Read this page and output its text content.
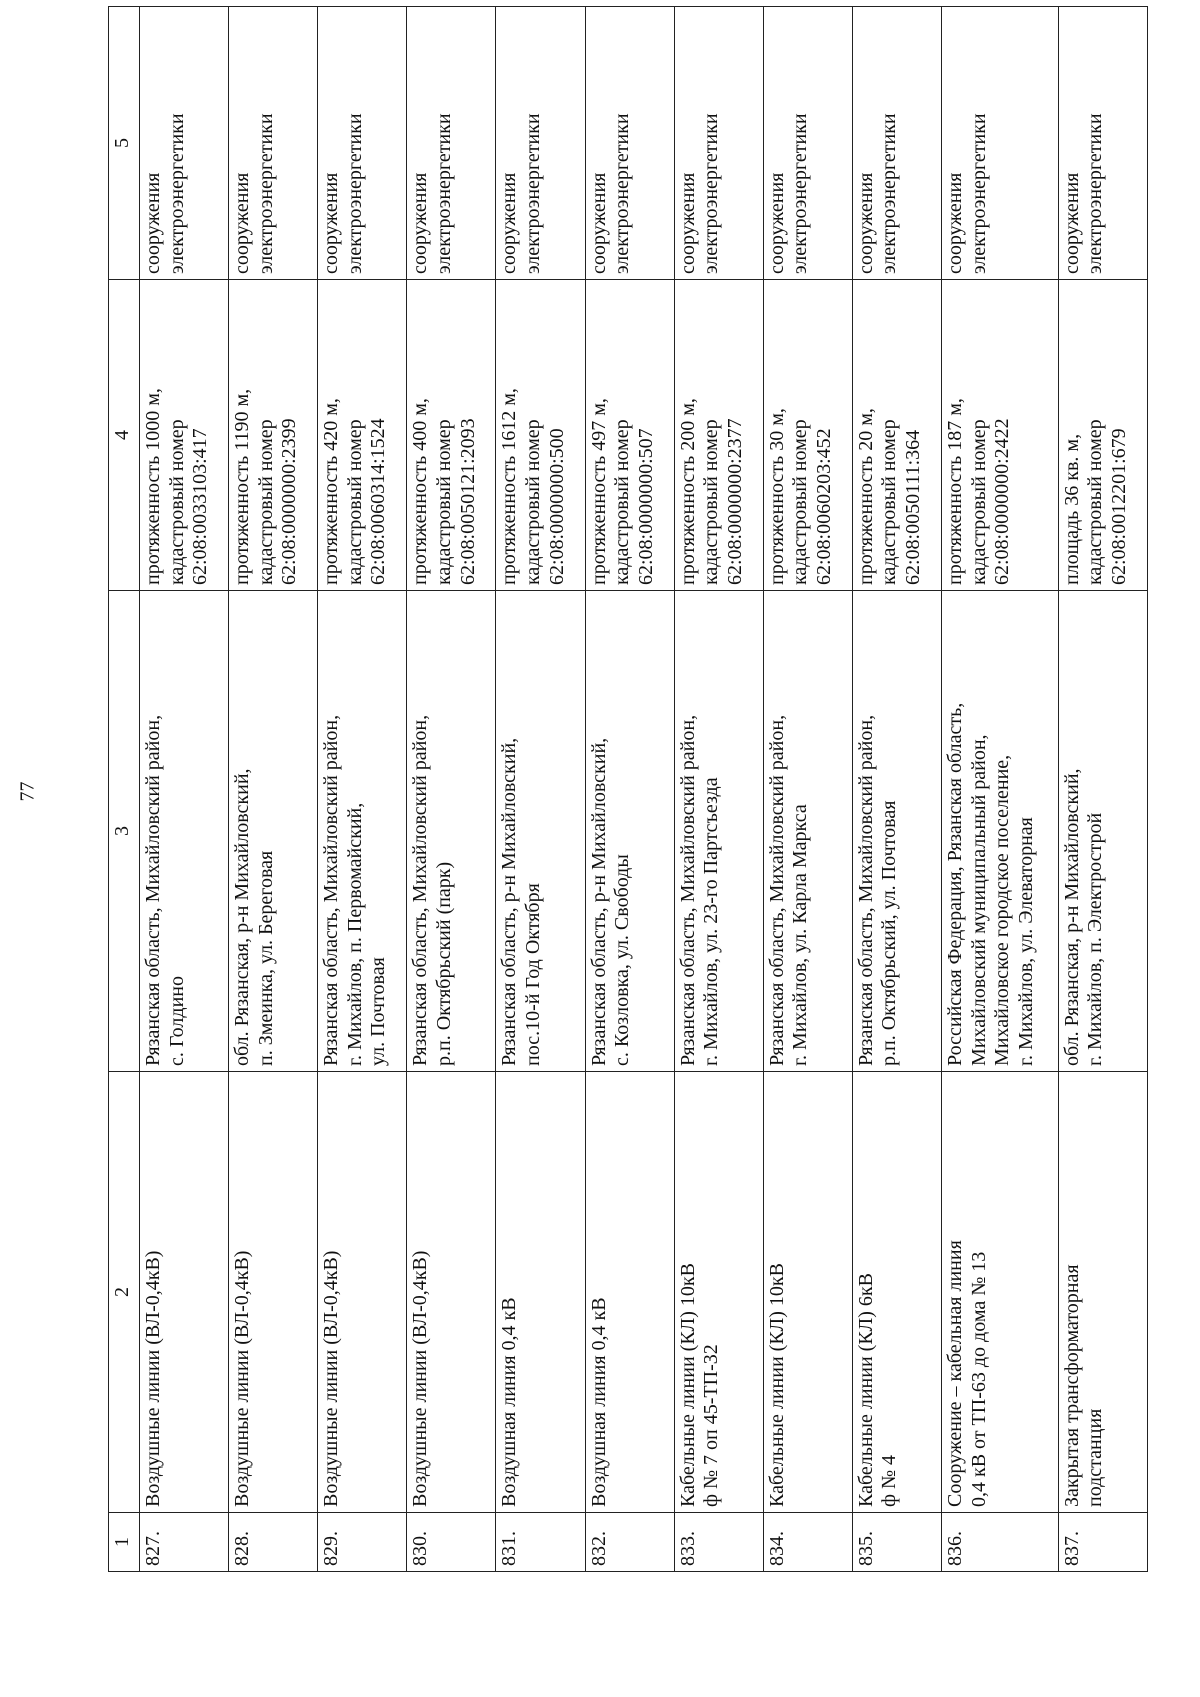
77
1	2	3	4	5
827.	Воздушные линии (ВЛ-0,4кВ)	Рязанская область, Михайловский район,
с. Голдино	протяженность 1000 м,
кадастровый номер
62:08:0033103:417	сооружения
электроэнергетики
828.	Воздушные линии (ВЛ-0,4кВ)	обл. Рязанская, р-н Михайловский,
п. Змеинка, ул. Береговая	протяженность 1190 м,
кадастровый номер
62:08:0000000:2399	сооружения
электроэнергетики
829.	Воздушные линии (ВЛ-0,4кВ)	Рязанская область, Михайловский район,
г. Михайлов, п. Первомайский,
ул. Почтовая	протяженность 420 м,
кадастровый номер
62:08:0060314:1524	сооружения
электроэнергетики
830.	Воздушные линии (ВЛ-0,4кВ)	Рязанская область, Михайловский район,
р.п. Октябрьский (парк)	протяженность 400 м,
кадастровый номер
62:08:0050121:2093	сооружения
электроэнергетики
831.	Воздушная линия 0,4 кВ	Рязанская область, р-н Михайловский,
пос.10-й Год Октября	протяженность 1612 м,
кадастровый номер
62:08:0000000:500	сооружения
электроэнергетики
832.	Воздушная линия 0,4 кВ	Рязанская область, р-н Михайловский,
с. Козловка, ул. Свободы	протяженность 497 м,
кадастровый номер
62:08:0000000:507	сооружения
электроэнергетики
833.	Кабельные линии (КЛ) 10кВ
ф № 7 оп 45-ТП-32	Рязанская область, Михайловский район,
г. Михайлов, ул. 23-го Партсъезда	протяженность 200 м,
кадастровый номер
62:08:0000000:2377	сооружения
электроэнергетики
834.	Кабельные линии (КЛ) 10кВ	Рязанская область, Михайловский район,
г. Михайлов, ул. Карла Маркса	протяженность 30 м,
кадастровый номер
62:08:0060203:452	сооружения
электроэнергетики
835.	Кабельные линии (КЛ) 6кВ
ф № 4	Рязанская область, Михайловский район,
р.п. Октябрьский, ул. Почтовая	протяженность 20 м,
кадастровый номер
62:08:0050111:364	сооружения
электроэнергетики
836.	Сооружение – кабельная линия
0,4 кВ от ТП-63 до дома № 13	Российская Федерация, Рязанская область,
Михайловский муниципальный район,
Михайловское городское поселение,
г. Михайлов, ул. Элеваторная	протяженность 187 м,
кадастровый номер
62:08:0000000:2422	сооружения
электроэнергетики
837.	Закрытая трансформаторная
подстанция	обл. Рязанская, р-н Михайловский,
г. Михайлов, п. Электрострой	площадь 36 кв. м,
кадастровый номер
62:08:0012201:679	сооружения
электроэнергетики
